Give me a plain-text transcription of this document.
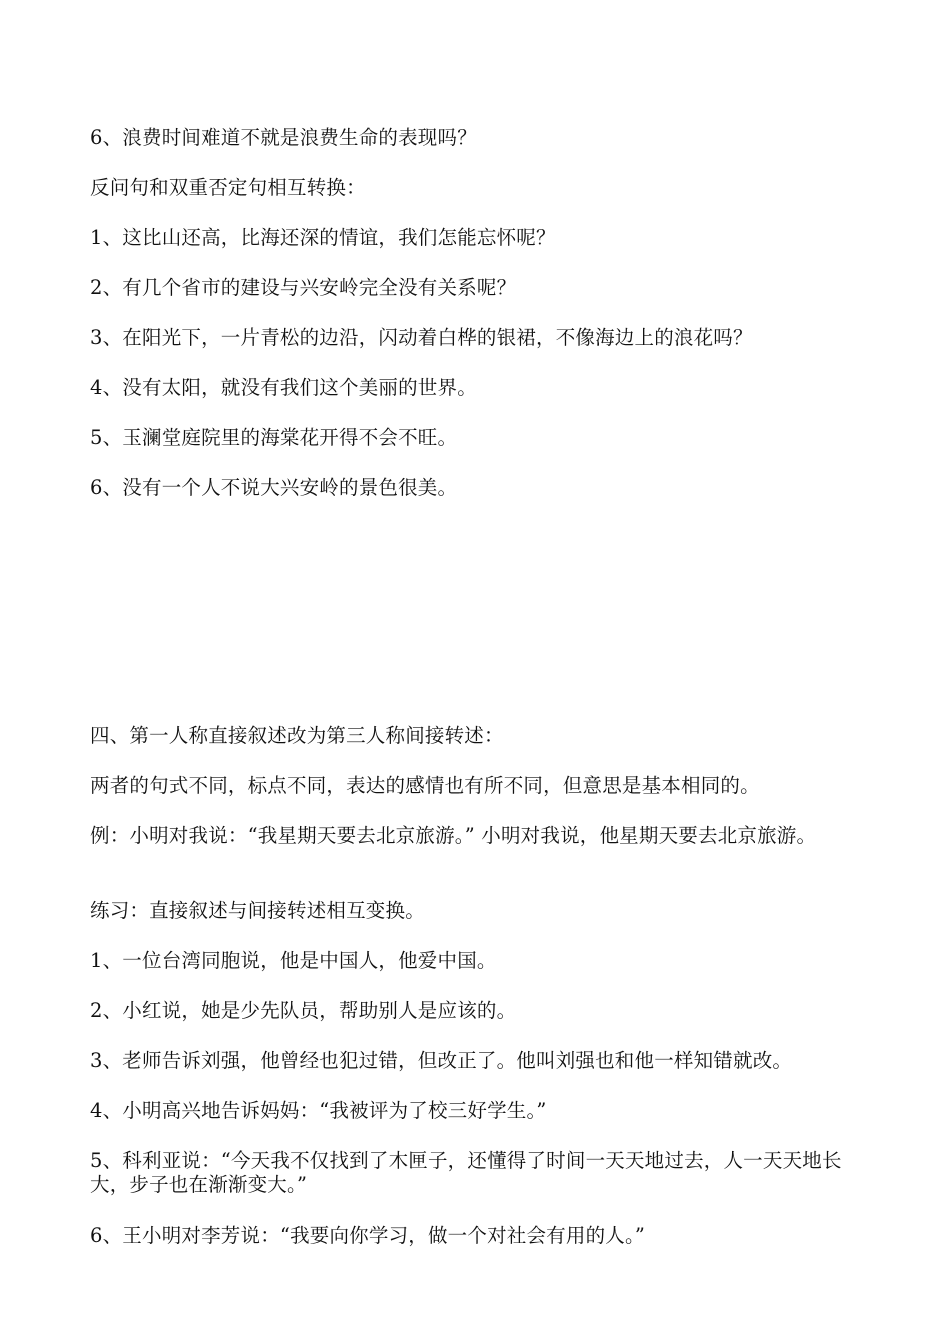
6、浪费时间难道不就是浪费生命的表现吗？
反问句和双重否定句相互转换：
1、这比山还高，比海还深的情谊，我们怎能忘怀呢？
2、有几个省市的建设与兴安岭完全没有关系呢？
3、在阳光下，一片青松的边沿，闪动着白桦的银裙，不像海边上的浪花吗？
4、没有太阳，就没有我们这个美丽的世界。
5、玉澜堂庭院里的海棠花开得不会不旺。
6、没有一个人不说大兴安岭的景色很美。
四、第一人称直接叙述改为第三人称间接转述：
两者的句式不同，标点不同，表达的感情也有所不同，但意思是基本相同的。
例：小明对我说：“我星期天要去北京旅游。” 小明对我说，他星期天要去北京旅游。
练习：直接叙述与间接转述相互变换。
1、一位台湾同胞说，他是中国人，他爱中国。
2、小红说，她是少先队员，帮助别人是应该的。
3、老师告诉刘强，他曾经也犯过错，但改正了。他叫刘强也和他一样知错就改。
4、小明高兴地告诉妈妈：“我被评为了校三好学生。”
5、科利亚说：“今天我不仅找到了木匣子，还懂得了时间一天天地过去，人一天天地长大，步子也在渐渐变大。”
6、王小明对李芳说：“我要向你学习，做一个对社会有用的人。”
